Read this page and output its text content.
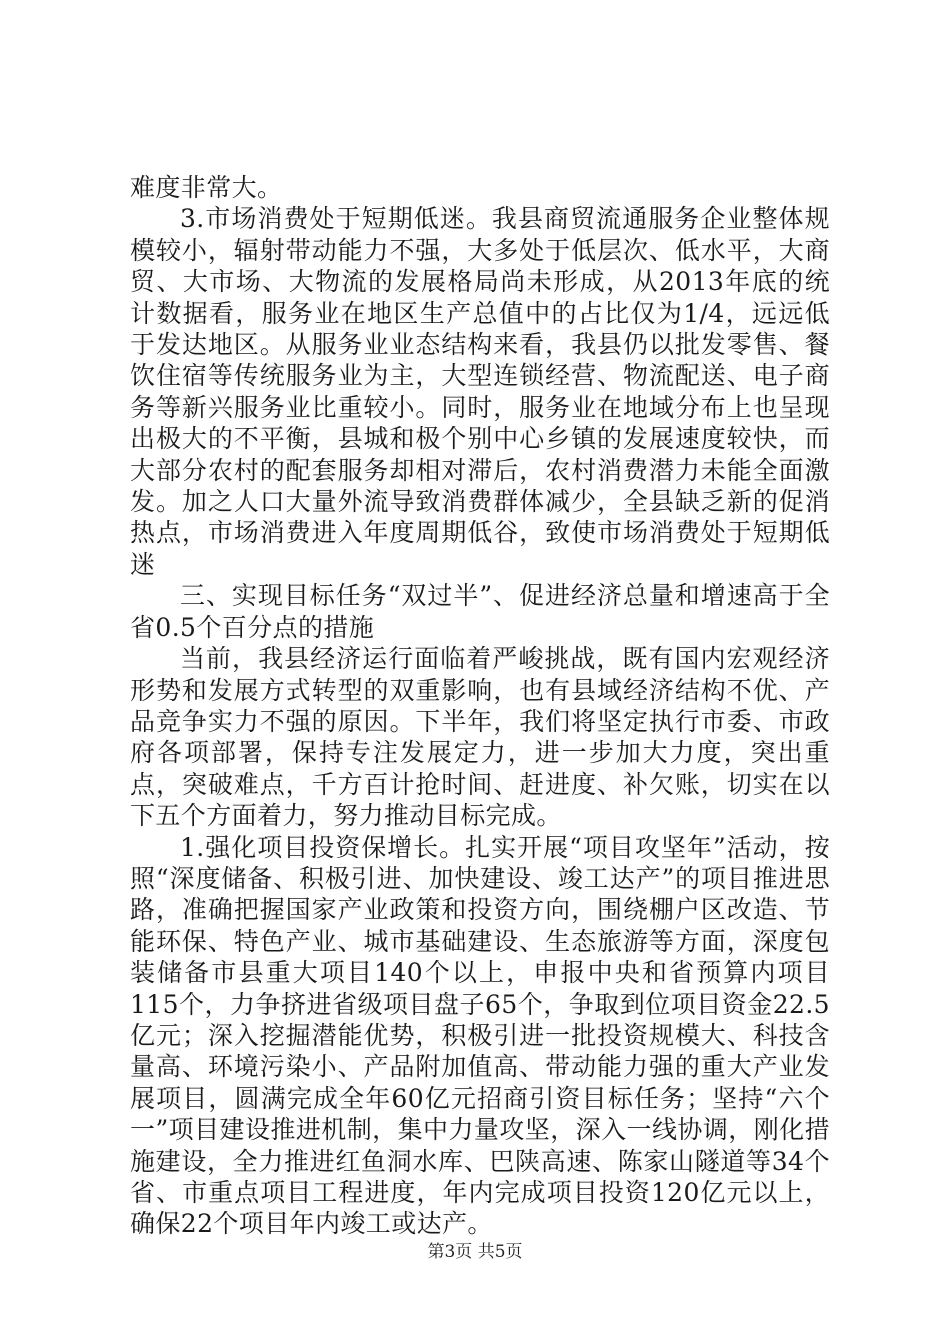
难度非常大。

3.市场消费处于短期低迷。我县商贸流通服务企业整体规模较小，辐射带动能力不强，大多处于低层次、低水平，大商贸、大市场、大物流的发展格局尚未形成，从2013年底的统计数据看，服务业在地区生产总值中的占比仅为1/4，远远低于发达地区。从服务业业态结构来看，我县仍以批发零售、餐饮住宿等传统服务业为主，大型连锁经营、物流配送、电子商务等新兴服务业比重较小。同时，服务业在地域分布上也呈现出极大的不平衡，县城和极个别中心乡镇的发展速度较快，而大部分农村的配套服务却相对滞后，农村消费潜力未能全面激发。加之人口大量外流导致消费群体减少，全县缺乏新的促消热点，市场消费进入年度周期低谷，致使市场消费处于短期低迷

三、实现目标任务“双过半”、促进经济总量和增速高于全省0.5个百分点的措施

当前，我县经济运行面临着严峻挑战，既有国内宏观经济形势和发展方式转型的双重影响，也有县域经济结构不优、产品竞争实力不强的原因。下半年，我们将坚定执行市委、市政府各项部署，保持专注发展定力，进一步加大力度，突出重点，突破难点，千方百计抢时间、赶进度、补欠账，切实在以下五个方面着力，努力推动目标完成。

1.强化项目投资保增长。扎实开展“项目攻坚年”活动，按照“深度储备、积极引进、加快建设、竣工达产”的项目推进思路，准确把握国家产业政策和投资方向，围绕棚户区改造、节能环保、特色产业、城市基础建设、生态旅游等方面，深度包装储备市县重大项目140个以上，申报中央和省预算内项目115个，力争挤进省级项目盘子65个，争取到位项目资金22.5亿元；深入挖掘潜能优势，积极引进一批投资规模大、科技含量高、环境污染小、产品附加值高、带动能力强的重大产业发展项目，圆满完成全年60亿元招商引资目标任务；坚持“六个一”项目建设推进机制，集中力量攻坚，深入一线协调，刚化措施建设，全力推进红鱼洞水库、巴陕高速、陈家山隧道等34个省、市重点项目工程进度，年内完成项目投资120亿元以上，确保22个项目年内竣工或达产。

第3页 共5页
